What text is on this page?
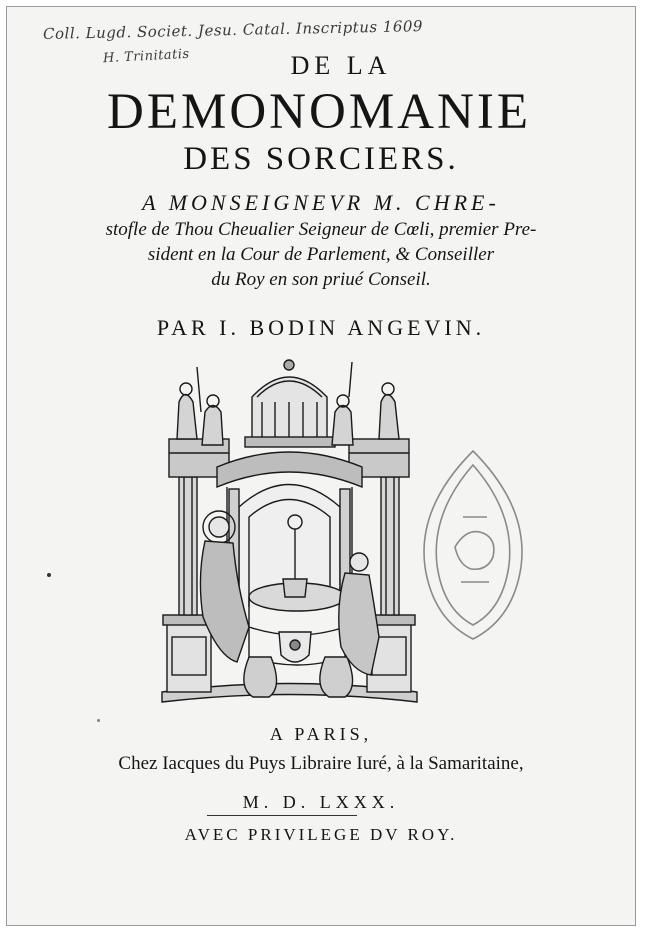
Coll. Lugd. Societ. Jesu. Catal. Inscriptus 1609
H. Trinitatis	DE LA
DEMONOMANIE
DES SORCIERS.
A MONSEIGNEVR M. CHRE-
stofle de Thou Cheualier Seigneur de Cœli, premier Pre-
sident en la Cour de Parlement, & Conseiller
du Roy en son priué Conseil.
PAR I. BODIN ANGEVIN.
A PARIS,
Chez Iacques du Puys Libraire Iuré, à la Samaritaine,
M. D. LXXX.
AVEC PRIVILEGE DV ROY.
